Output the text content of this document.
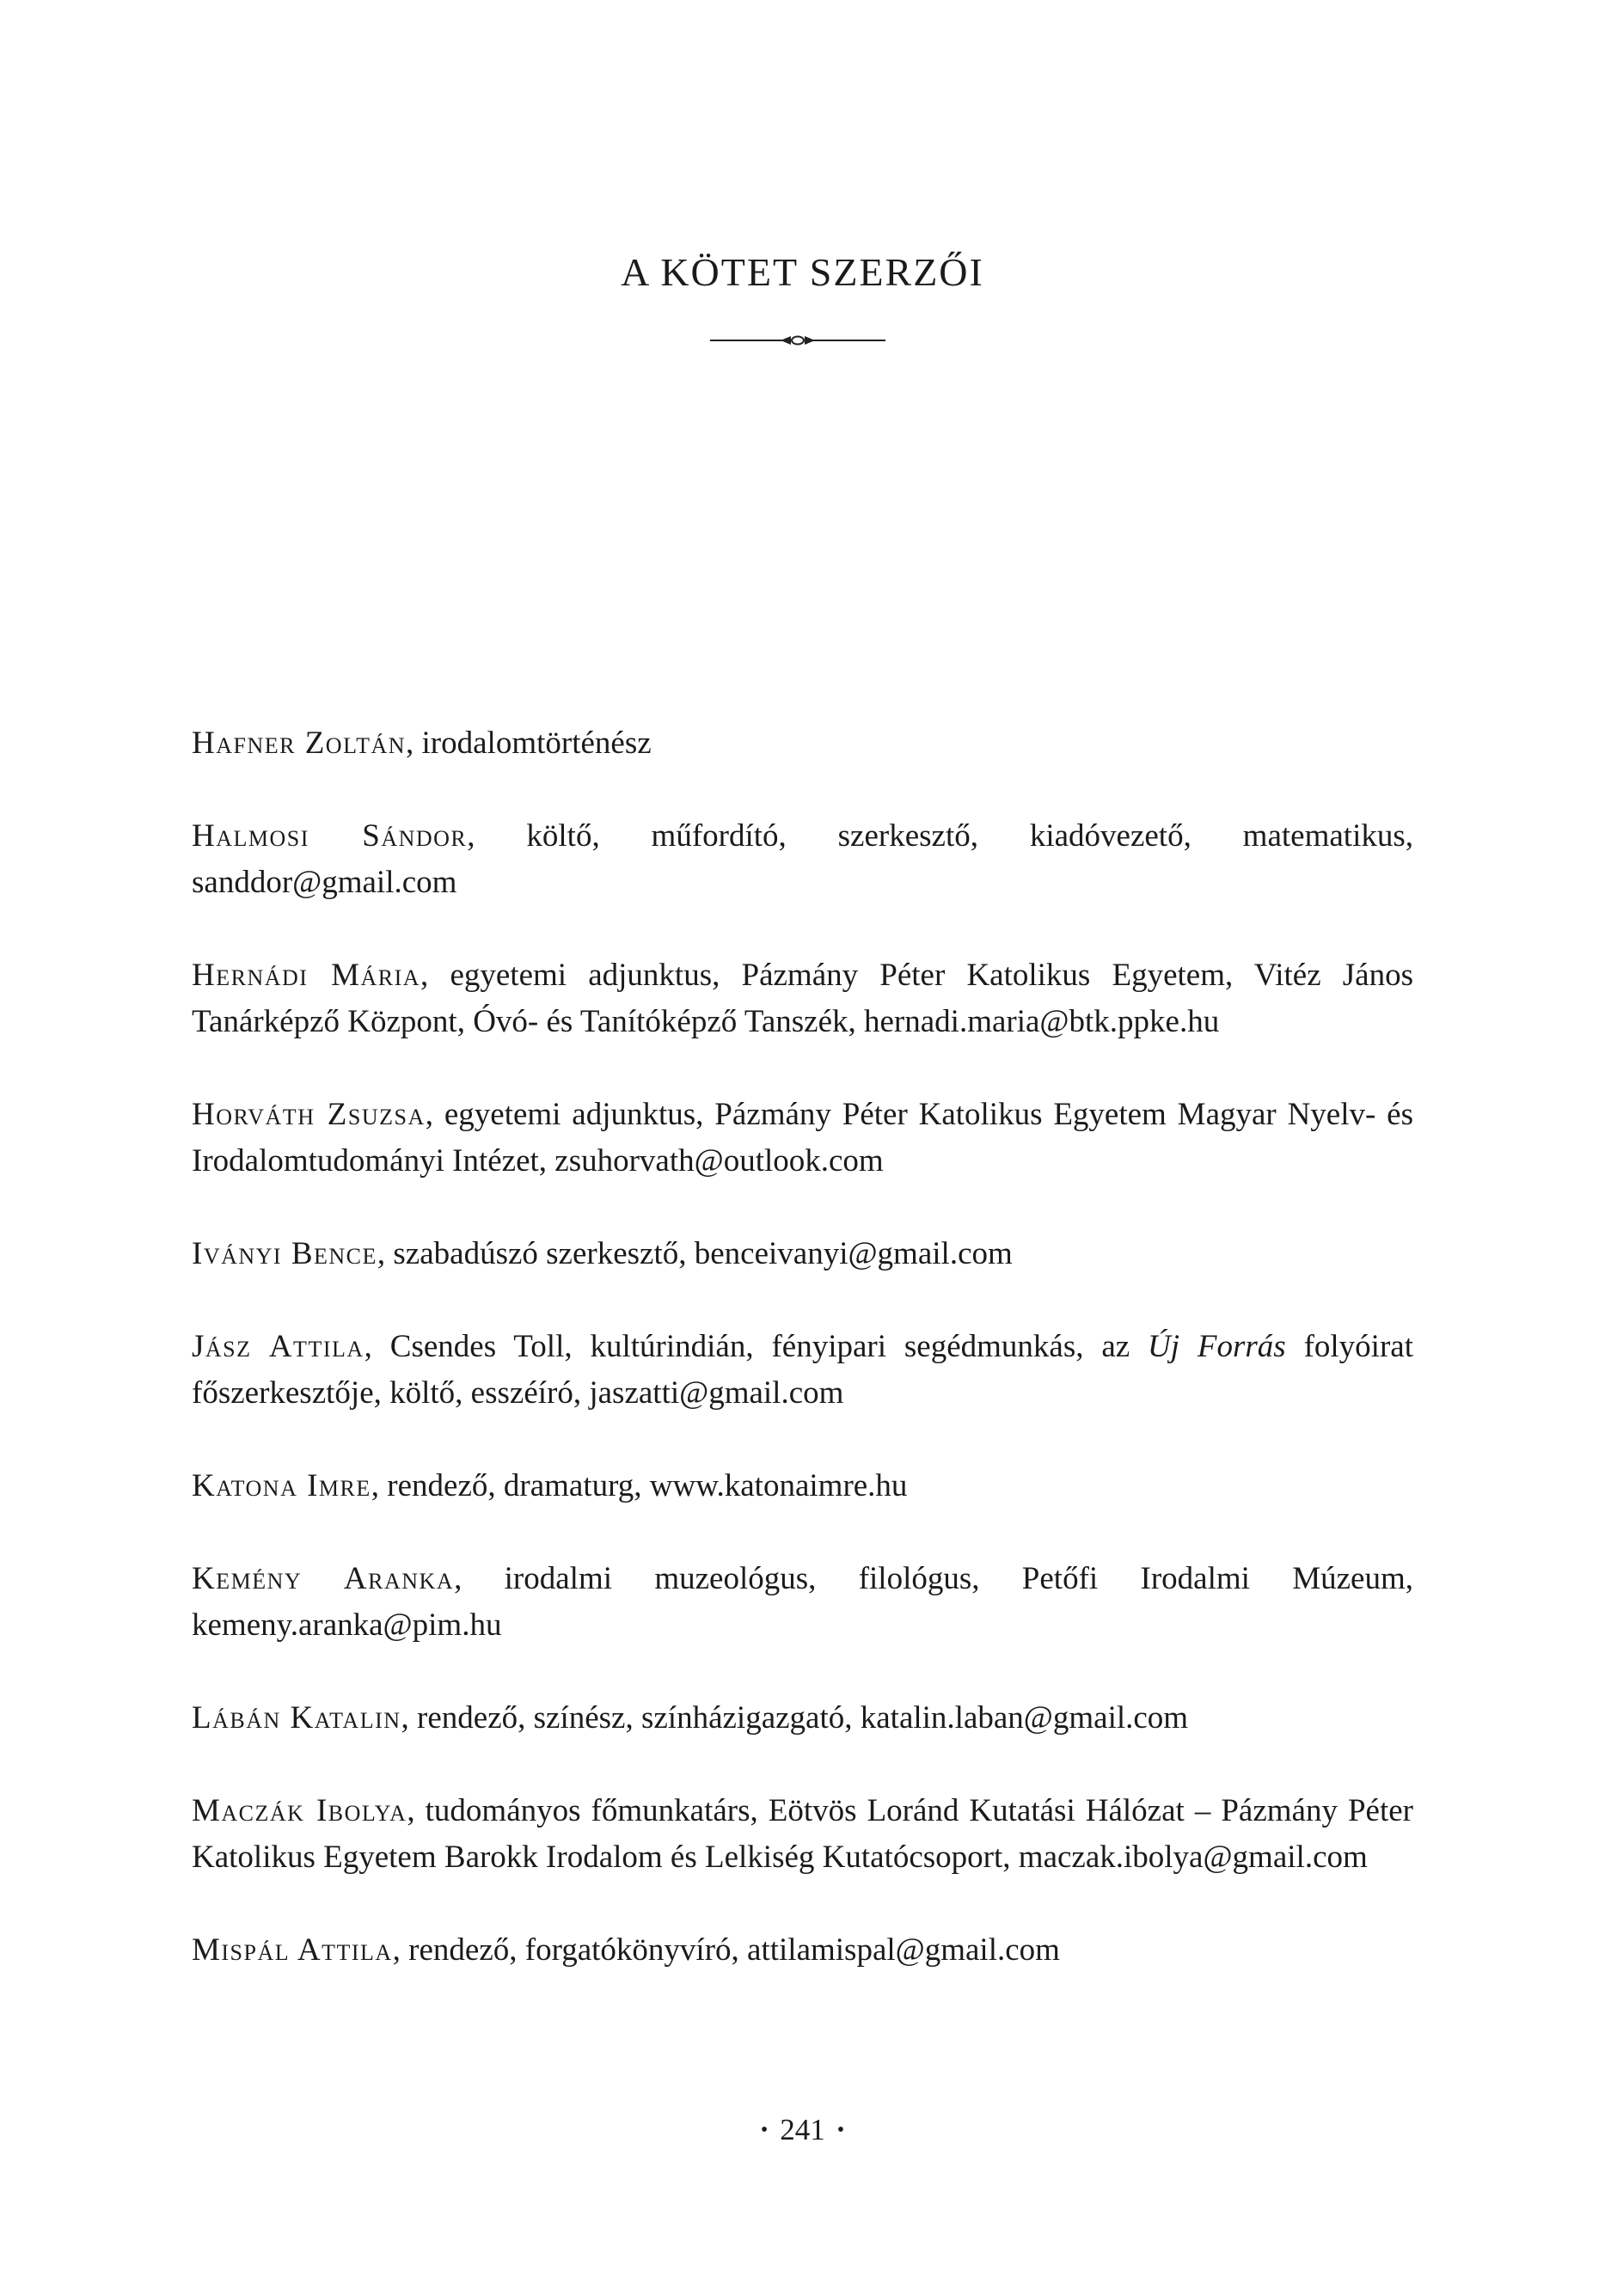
A KÖTET SZERZŐI

Hafner Zoltán, irodalomtörténész

Halmosi Sándor, költő, műfordító, szerkesztő, kiadóvezető, matematikus, sanddor@gmail.com

Hernádi Mária, egyetemi adjunktus, Pázmány Péter Katolikus Egyetem, Vitéz János Tanárképző Központ, Óvó- és Tanítóképző Tanszék, hernadi.maria@btk.ppke.hu

Horváth Zsuzsa, egyetemi adjunktus, Pázmány Péter Katolikus Egyetem Magyar Nyelv- és Irodalomtudományi Intézet, zsuhorvath@outlook.com

Iványi Bence, szabadúszó szerkesztő, benceivanyi@gmail.com

Jász Attila, Csendes Toll, kultúrindián, fényipari segédmunkás, az Új Forrás folyóirat főszerkesztője, költő, esszéíró, jaszatti@gmail.com

Katona Imre, rendező, dramaturg, www.katonaimre.hu

Kemény Aranka, irodalmi muzeológus, filológus, Petőfi Irodalmi Múzeum, kemeny.aranka@pim.hu

Lábán Katalin, rendező, színész, színházigazgató, katalin.laban@gmail.com

Maczák Ibolya, tudományos főmunkatárs, Eötvös Loránd Kutatási Hálózat – Pázmány Péter Katolikus Egyetem Barokk Irodalom és Lelkiség Kutatócsoport, maczak.ibolya@gmail.com

Mispál Attila, rendező, forgatókönyvíró, attilamispal@gmail.com

• 241 •
